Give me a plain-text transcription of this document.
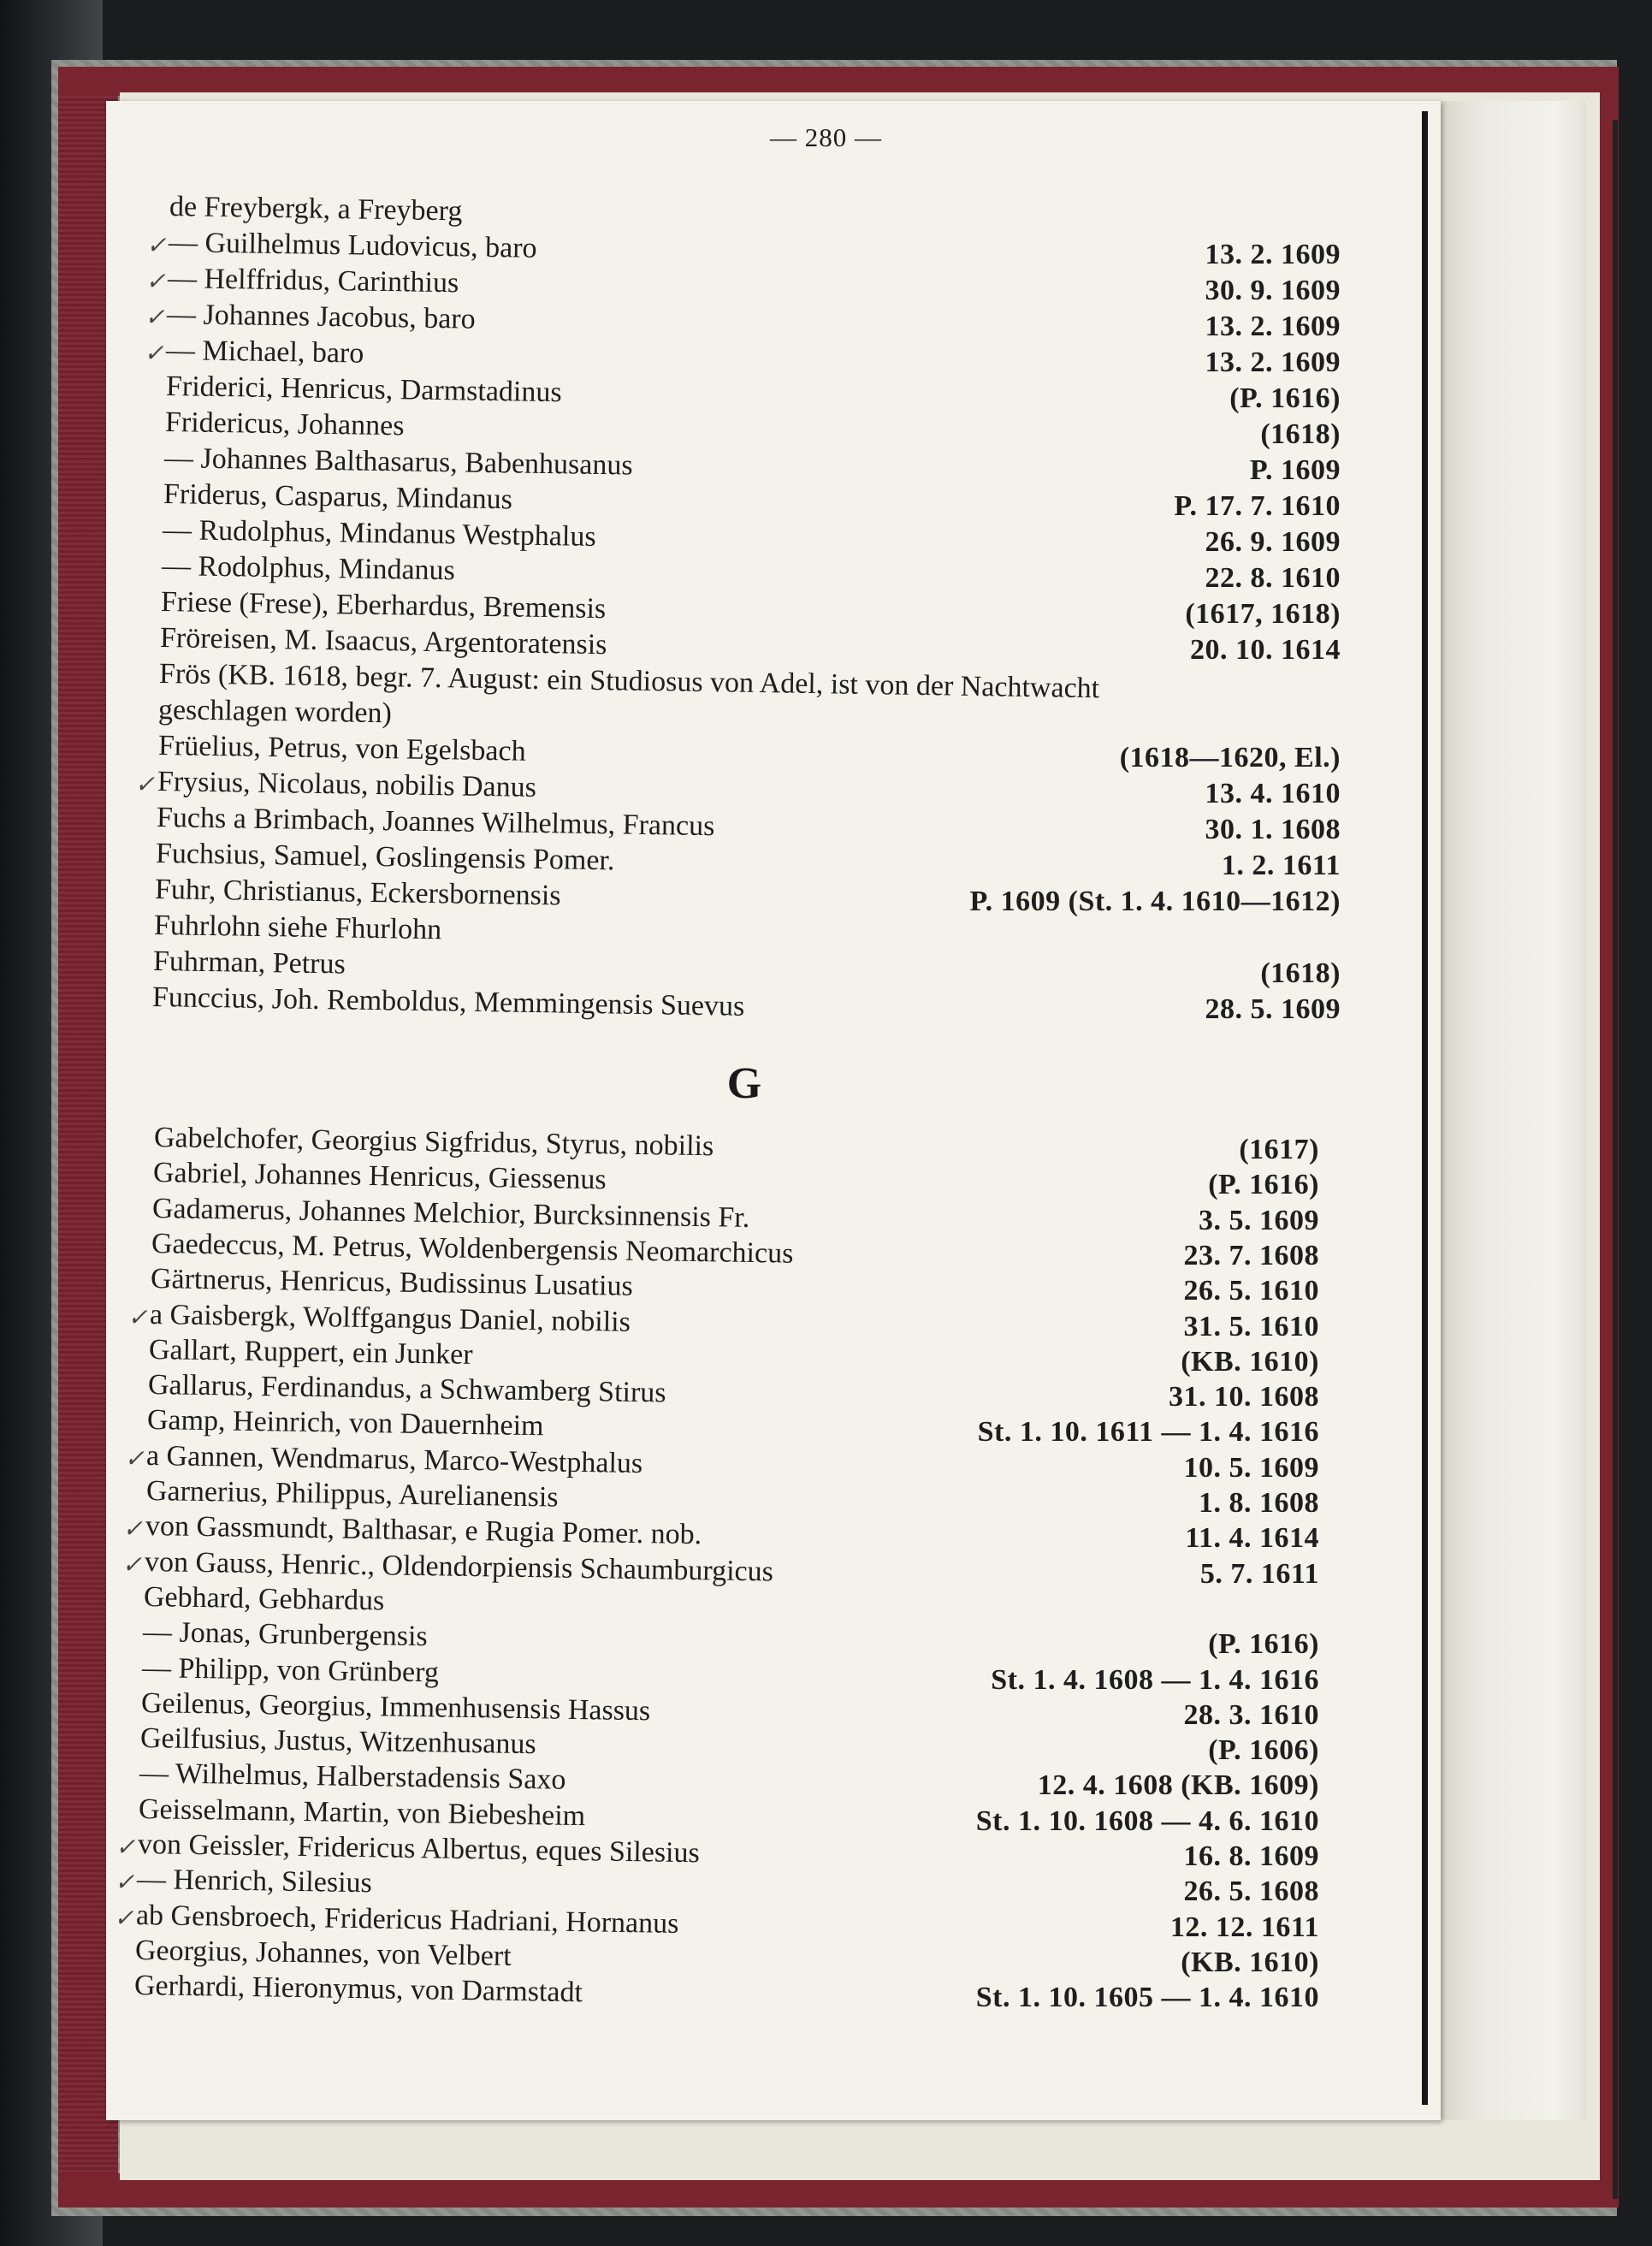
— 280 —
de Freybergk, a Freyberg
✓ — Guilhelmus Ludovicus, baro	13. 2. 1609
✓ — Helffridus, Carinthius	30. 9. 1609
✓ — Johannes Jacobus, baro	13. 2. 1609
✓ — Michael, baro	13. 2. 1609
Friderici, Henricus, Darmstadinus	(P. 1616)
Fridericus, Johannes	(1618)
— Johannes Balthasarus, Babenhusanus	P. 1609
Friderus, Casparus, Mindanus	P. 17. 7. 1610
— Rudolphus, Mindanus Westphalus	26. 9. 1609
— Rodolphus, Mindanus	22. 8. 1610
Friese (Frese), Eberhardus, Bremensis	(1617, 1618)
Fröreisen, M. Isaacus, Argentoratensis	20. 10. 1614
Frös (KB. 1618, begr. 7. August: ein Studiosus von Adel, ist von der Nachtwacht
geschlagen worden)
Früelius, Petrus, von Egelsbach	(1618—1620, El.)
✓ Frysius, Nicolaus, nobilis Danus	13. 4. 1610
Fuchs a Brimbach, Joannes Wilhelmus, Francus	30. 1. 1608
Fuchsius, Samuel, Goslingensis Pomer.	1. 2. 1611
Fuhr, Christianus, Eckersbornensis	P. 1609 (St. 1. 4. 1610—1612)
Fuhrlohn siehe Fhurlohn
Fuhrman, Petrus	(1618)
Funccius, Joh. Remboldus, Memmingensis Suevus	28. 5. 1609
G
Gabelchofer, Georgius Sigfridus, Styrus, nobilis	(1617)
Gabriel, Johannes Henricus, Giessenus	(P. 1616)
Gadamerus, Johannes Melchior, Burcksinnensis Fr.	3. 5. 1609
Gaedeccus, M. Petrus, Woldenbergensis Neomarchicus	23. 7. 1608
Gärtnerus, Henricus, Budissinus Lusatius	26. 5. 1610
✓ a Gaisbergk, Wolffgangus Daniel, nobilis	31. 5. 1610
Gallart, Ruppert, ein Junker	(KB. 1610)
Gallarus, Ferdinandus, a Schwamberg Stirus	31. 10. 1608
Gamp, Heinrich, von Dauernheim	St. 1. 10. 1611 — 1. 4. 1616
✓ a Gannen, Wendmarus, Marco-Westphalus	10. 5. 1609
Garnerius, Philippus, Aurelianensis	1. 8. 1608
✓ von Gassmundt, Balthasar, e Rugia Pomer. nob.	11. 4. 1614
✓ von Gauss, Henric., Oldendorpiensis Schaumburgicus	5. 7. 1611
Gebhard, Gebhardus
— Jonas, Grunbergensis	(P. 1616)
— Philipp, von Grünberg	St. 1. 4. 1608 — 1. 4. 1616
Geilenus, Georgius, Immenhusensis Hassus	28. 3. 1610
Geilfusius, Justus, Witzenhusanus	(P. 1606)
— Wilhelmus, Halberstadensis Saxo	12. 4. 1608 (KB. 1609)
Geisselmann, Martin, von Biebesheim	St. 1. 10. 1608 — 4. 6. 1610
✓ von Geissler, Fridericus Albertus, eques Silesius	16. 8. 1609
✓ — Henrich, Silesius	26. 5. 1608
✓ ab Gensbroech, Fridericus Hadriani, Hornanus	12. 12. 1611
Georgius, Johannes, von Velbert	(KB. 1610)
Gerhardi, Hieronymus, von Darmstadt	St. 1. 10. 1605 — 1. 4. 1610
